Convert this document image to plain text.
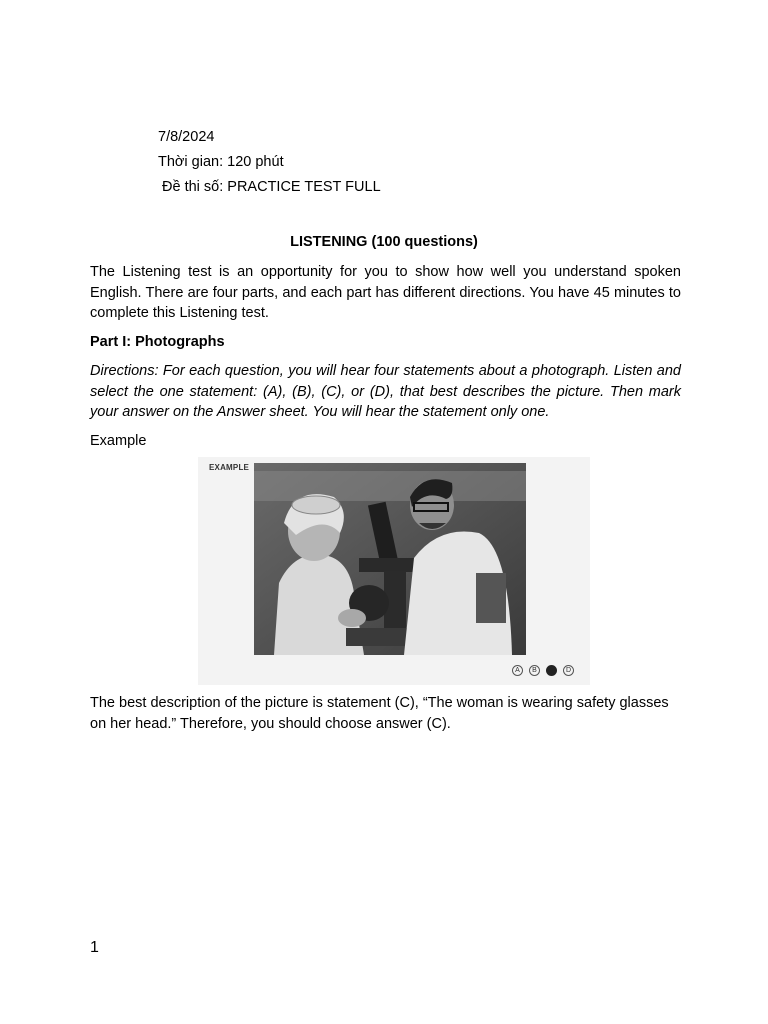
7/8/2024
Thời gian: 120 phút
Đề thi số: PRACTICE TEST FULL
LISTENING (100 questions)

The Listening test is an opportunity for you to show how well you understand spoken English. There are four parts, and each part has different directions. You have 45 minutes to complete this Listening test.

Part I: Photographs

Directions: For each question, you will hear four statements about a photograph. Listen and select the one statement: (A), (B), (C), or (D), that best describes the picture. Then mark your answer on the Answer sheet. You will hear the statement only one.

Example
EXAMPLE
A	B	D

The best description of the picture is statement (C), “The woman is wearing safety glasses on her head.” Therefore, you should choose answer (C).

1
